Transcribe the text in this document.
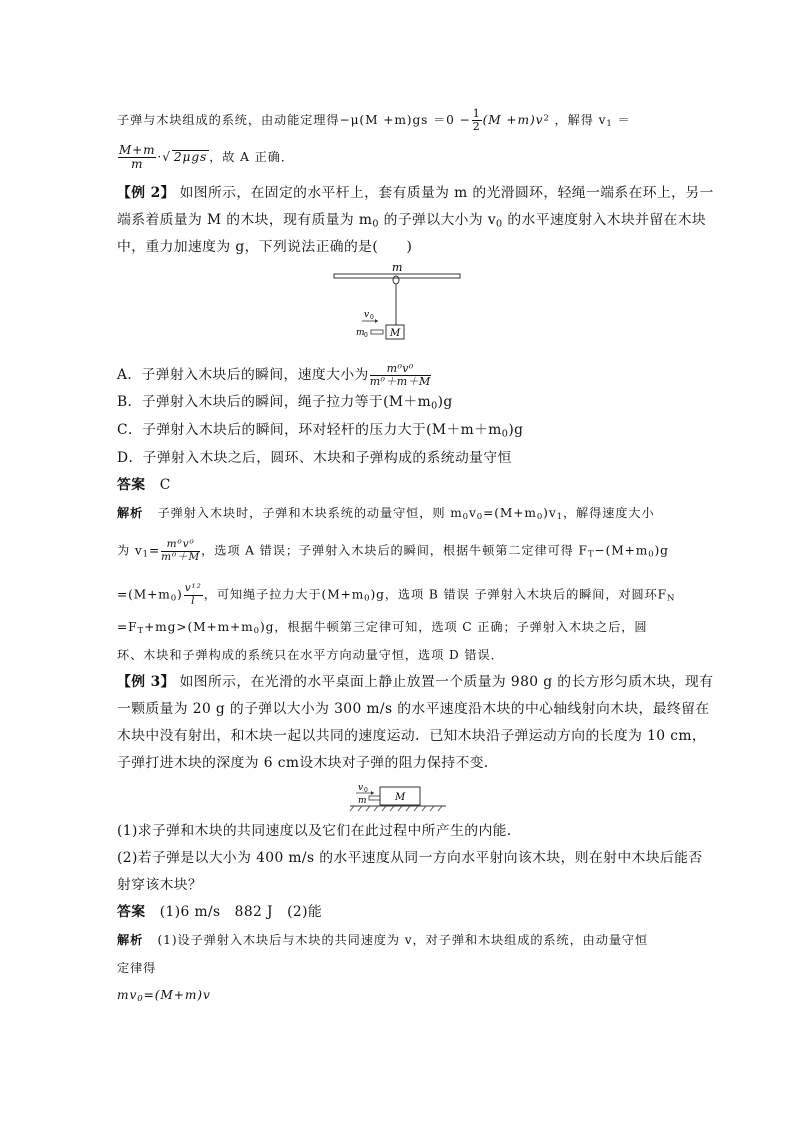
子弹与木块组成的系统，由动能定理得$-\mu(M +m)gs =0 - \frac{1}{2} (M +m)v^2$ ，解得 $v_1$ ＝
$\frac{M+m}{m}$ ·√ 2μgs ，故 A 正确．
【例 2】 如图所示，在固定的水平杆上，套有质量为 m 的光滑圆环，轻绳一端系在环上，另一
端系着质量为 M 的木块，现有质量为 $m_0$ 的子弹以大小为 $v_0$ 的水平速度射入木块并留在木块
中，重力加速度为 g，下列说法正确的是(　　)
m
M
v 0
m 0
A．子弹射入木块后的瞬间，速度大小为 $\frac{\text{m⁰v⁰}}{\text{m⁰＋m＋M}}$
B．子弹射入木块后的瞬间，绳子拉力等于$(M+m_0)g$
C．子弹射入木块后的瞬间，环对轻杆的压力大于$(M+m+m_0)g$
D．子弹射入木块之后，圆环、木块和子弹构成的系统动量守恒
答案 C
解析 子弹射入木块时，子弹和木块系统的动量守恒，则 $m_0v_0=(M+m_0)v_1$，解得速度大小
为 $v_1= \frac{\text{m⁰v⁰}}{\text{m⁰＋M}}$ ，选项 A 错误；子弹射入木块后的瞬间，根据牛顿第二定律可得 $F_T-(M+m_0)g$
$=(M+m_0) \frac{\text{v¹²}}{l}$ ，可知绳子拉力大于$(M+m_0)g$，选项 B 错误 子弹射入木块后的瞬间，对圆环$F_N$
$=F_T+mg>(M+m+m_0)g$，根据牛顿第三定律可知，选项 C 正确；子弹射入木块之后，圆
环、木块和子弹构成的系统只在水平方向动量守恒，选项 D 错误．
【例 3】 如图所示，在光滑的水平桌面上静止放置一个质量为 980 g 的长方形匀质木块，现有
一颗质量为 20 g 的子弹以大小为 300 m/s 的水平速度沿木块的中心轴线射向木块，最终留在
木块中没有射出，和木块一起以共同的速度运动．已知木块沿子弹运动方向的长度为 10 cm，
子弹打进木块的深度为 6 cm设木块对子弹的阻力保持不变．
v 0
m	M
(1)求子弹和木块的共同速度以及它们在此过程中所产生的内能．
(2)若子弹是以大小为 400 m/s 的水平速度从同一方向水平射向该木块，则在射中木块后能否
射穿该木块？
答案 (1)6 m/s　882 J　(2)能
解析 (1)设子弹射入木块后与木块的共同速度为 v，对子弹和木块组成的系统，由动量守恒
定律得
$mv_0=(M+m)v$
